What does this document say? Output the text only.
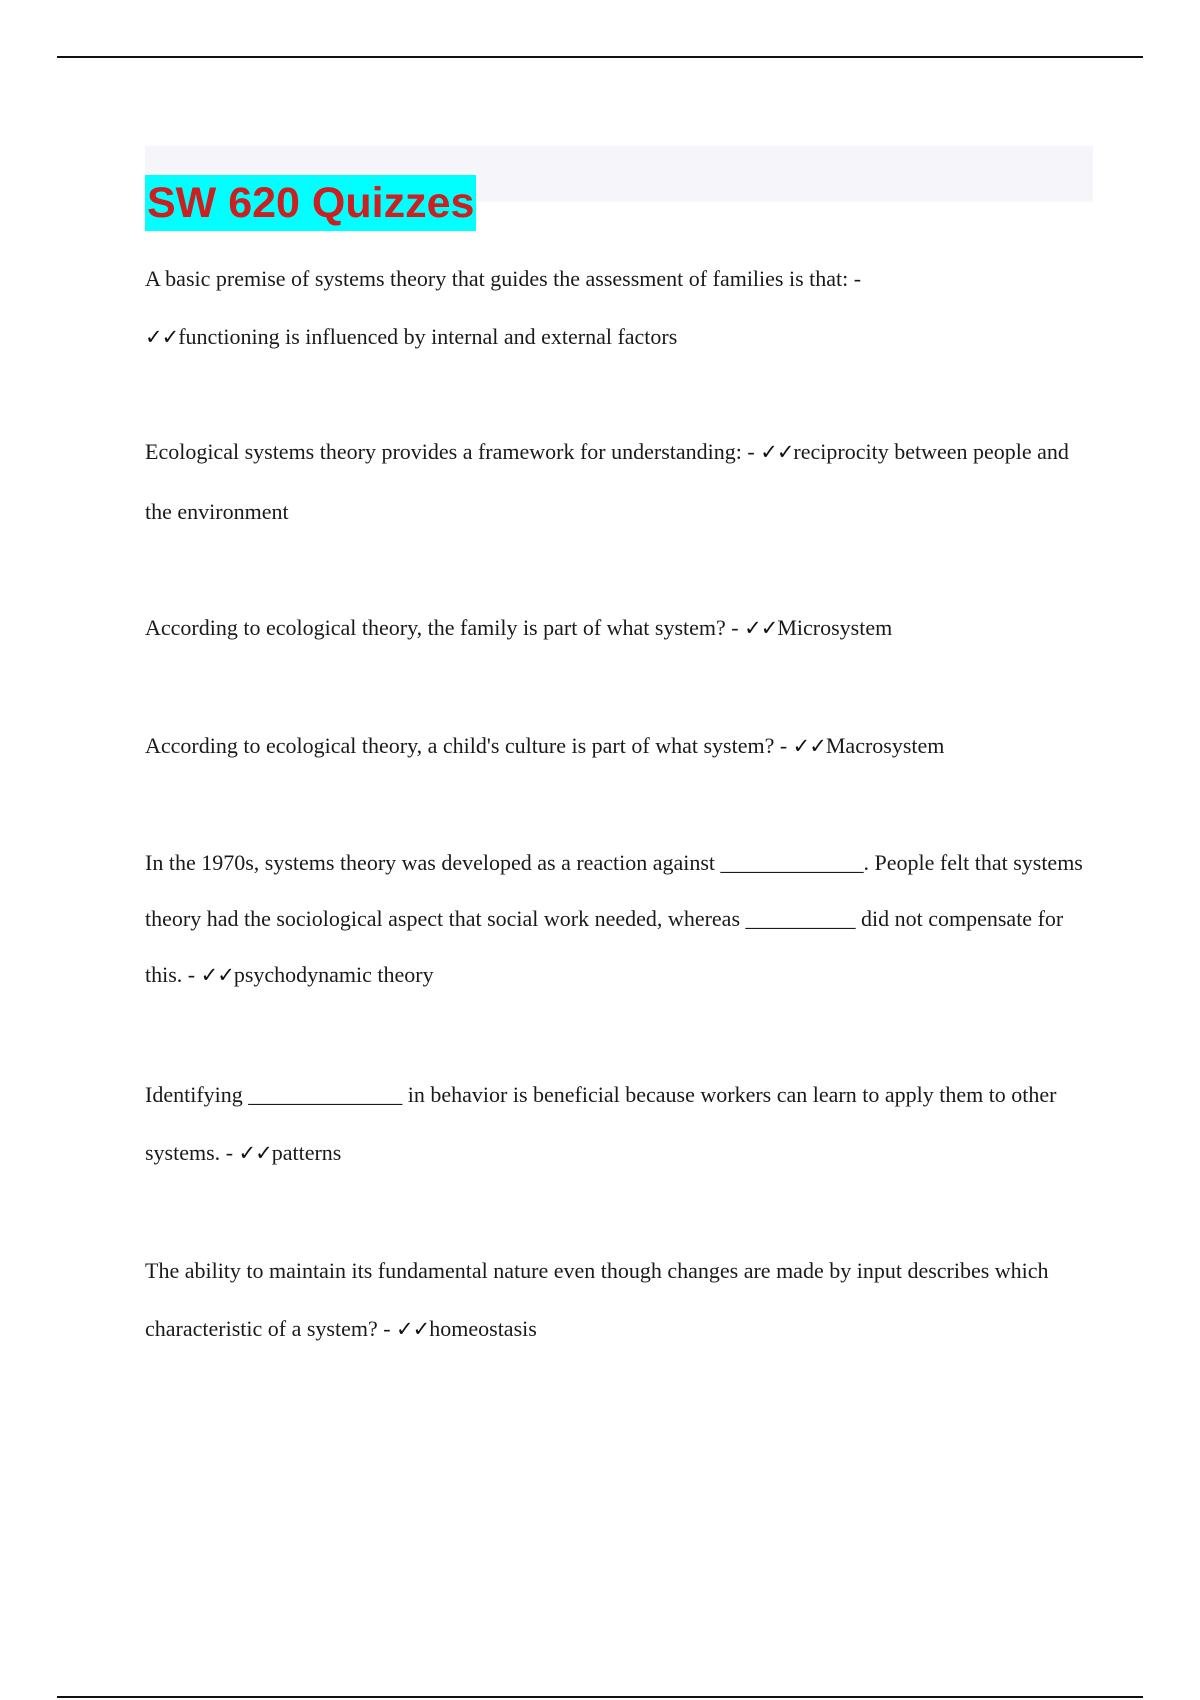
SW 620 Quizzes

A basic premise of systems theory that guides the assessment of families is that: -
✓✓functioning is influenced by internal and external factors

Ecological systems theory provides a framework for understanding: - ✓✓reciprocity between people and the environment

According to ecological theory, the family is part of what system? - ✓✓Microsystem

According to ecological theory, a child's culture is part of what system? - ✓✓Macrosystem

In the 1970s, systems theory was developed as a reaction against _____________. People felt that systems theory had the sociological aspect that social work needed, whereas __________ did not compensate for this. - ✓✓psychodynamic theory

Identifying ______________ in behavior is beneficial because workers can learn to apply them to other systems. - ✓✓patterns

The ability to maintain its fundamental nature even though changes are made by input describes which characteristic of a system? - ✓✓homeostasis
